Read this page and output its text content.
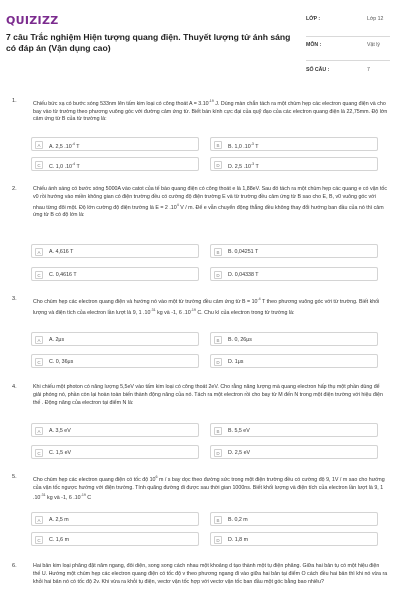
QUIZIZZ
7 câu Trắc nghiệm Hiện tượng quang điện. Thuyết lượng tử ánh sáng có đáp án (Vận dụng cao)
LỚP :	Lớp 12
MÔN :	Vật lý
SỐ CÂU :	7
1.	Chiếu bức xạ có bước sóng 533nm lên tấm kim loại có công thoát $A = 3.10^{-19}$ J. Dùng màn chắn tách ra một chùm hẹp các electron quang điện và cho bay vào từ trường theo phương vuông góc với đường cảm ứng từ. Biết bán kính cực đại của quỹ đạo của các electron quang điện là 22,75mm. Độ lớn cảm ứng từ B của từ trường là:
A	A. 2,5 $.10^{-4}$ T	B	B. 1,0 $.10^{-3}$ T
C	C. 1,0 $.10^{-4}$ T	D	D. 2,5 $.10^{-3}$ T
2.	Chiếu ánh sáng có bước sóng 5000A vào catot của tế bào quang điện có công thoát e là 1,88eV. Sau đó tách ra một chùm hẹp các quang e có vận tốc v0 rồi hướng vào miền không gian có điện trường đều có cường độ điện trường E và từ trường đều cảm ứng từ B sao cho E, B, v0 vuông góc với nhau từng đôi một. Độ lớn cường độ điện trường là E = 2 $.10^4$ V / m. Để e vẫn chuyển động thẳng đều không thay đổi hướng ban đầu của nó thì cảm ứng từ B có độ lớn là:
A	A. 4,616 T	B	B. 0,04251 T
C	C. 0,4616 T	D	D. 0,04338 T
3.	Cho chùm hẹp các electron quang điện và hướng nó vào một từ trường đều cảm ứng từ $B = 10^{-4}$ T theo phương vuông góc với từ trường. Biết khối lượng và điện tích của electron lần lượt là 9, 1 $.10^{-31}$ kg và -1, 6 $.10^{-19}$ C. Chu kì của electron trong từ trường là:
A	A. 2μs	B	B. 0, 26μs
C	C. 0, 36μs	D	D. 1μs
4.	Khi chiếu một photon có năng lượng 5,5eV vào tấm kim loại có công thoát 2eV. Cho rằng năng lượng mà quang electron hấp thụ một phần dùng để giải phóng nó, phần còn lại hoàn toàn biến thành động năng của nó. Tách ra một electron rồi cho bay từ M đến N trong một điện trường với hiệu điện thế . Động năng của electron tại điểm N là:
A	A. 3,5 eV	B	B. 5,5 eV
C	C. 1,5 eV	D	D. 2,5 eV
5.	Cho chùm hẹp các electron quang điện có tốc độ $10^6$ m / s bay dọc theo đường sức trong một điện trường đều có cường độ 9, 1V / m sao cho hướng của vận tốc ngược hướng với điện trường. Tính quãng đường đi được sau thời gian 1000ns. Biết khối lượng và điện tích của electron lần lượt là 9, 1 $.10^{-31}$ kg và -1, 6 $.10^{-19}$ C
A	A. 2,5 m	B	B. 0,2 m
C	C. 1,6 m	D	D. 1,8 m
6.	Hai bản kim loại phẳng đặt nằm ngang, đối diện, song song cách nhau một khoảng d tạo thành một tụ điện phẳng. Giữa hai bản tụ có một hiệu điện thế U. Hướng một chùm hẹp các electron quang điện có tốc độ v theo phương ngang đi vào giữa hai bản tại điểm O cách đều hai bản thì khi nó vừa ra khỏi hai bản nó có tốc độ 2v. Khi vừa ra khỏi tụ điện, vectơ vận tốc hợp với vectơ vận tốc ban đầu một góc bằng bao nhiêu?
